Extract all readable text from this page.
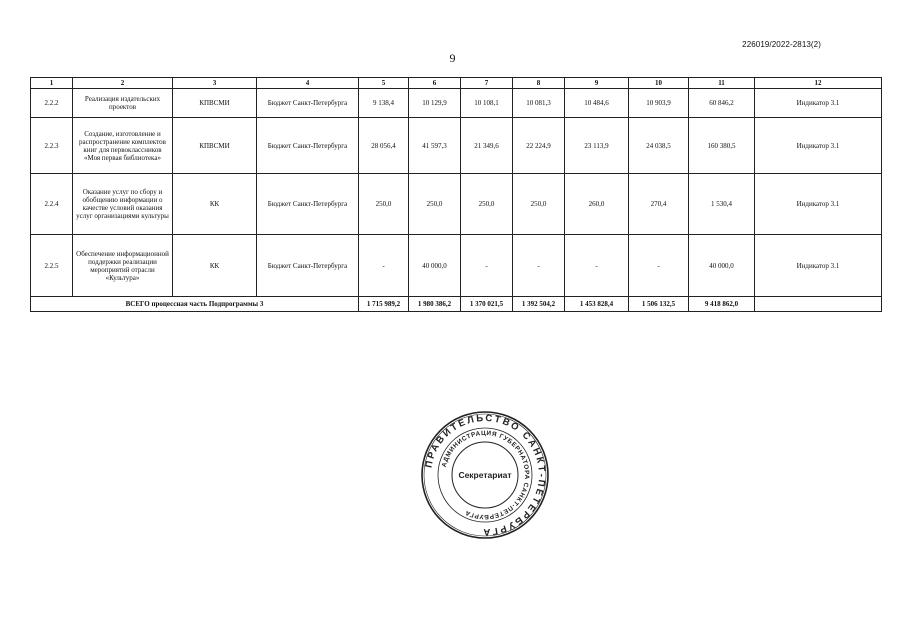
226019/2022-2813(2)
9
1	2	3	4	5	6	7	8	9	10	11	12
2.2.2	Реализация издательских проектов	КПВСМИ	Бюджет Санкт-Петербурга	9 138,4	10 129,9	10 108,1	10 081,3	10 484,6	10 903,9	60 846,2	Индикатор 3.1
2.2.3	Создание, изготовление и распространение комплектов книг для первоклассников «Моя первая библиотека»	КПВСМИ	Бюджет Санкт-Петербурга	28 056,4	41 597,3	21 349,6	22 224,9	23 113,9	24 038,5	160 380,5	Индикатор 3.1
2.2.4	Оказание услуг по сбору и обобщению информации о качестве условий оказания услуг организациями культуры	КК	Бюджет Санкт-Петербурга	250,0	250,0	250,0	250,0	260,0	270,4	1 530,4	Индикатор 3.1
2.2.5	Обеспечение информационной поддержки реализации мероприятий отрасли «Культура»	КК	Бюджет Санкт-Петербурга	-	40 000,0	-	-	-	-	40 000,0	Индикатор 3.1
ВСЕГО процессная часть Подпрограммы 3				1 715 989,2	1 980 386,2	1 370 021,5	1 392 504,2	1 453 828,4	1 506 132,5	9 418 862,0	
ПРАВИТЕЛЬСТВО САНКТ-ПЕТЕРБУРГА
АДМИНИСТРАЦИЯ ГУБЕРНАТОРА САНКТ-ПЕТЕРБУРГА
Секретариат
